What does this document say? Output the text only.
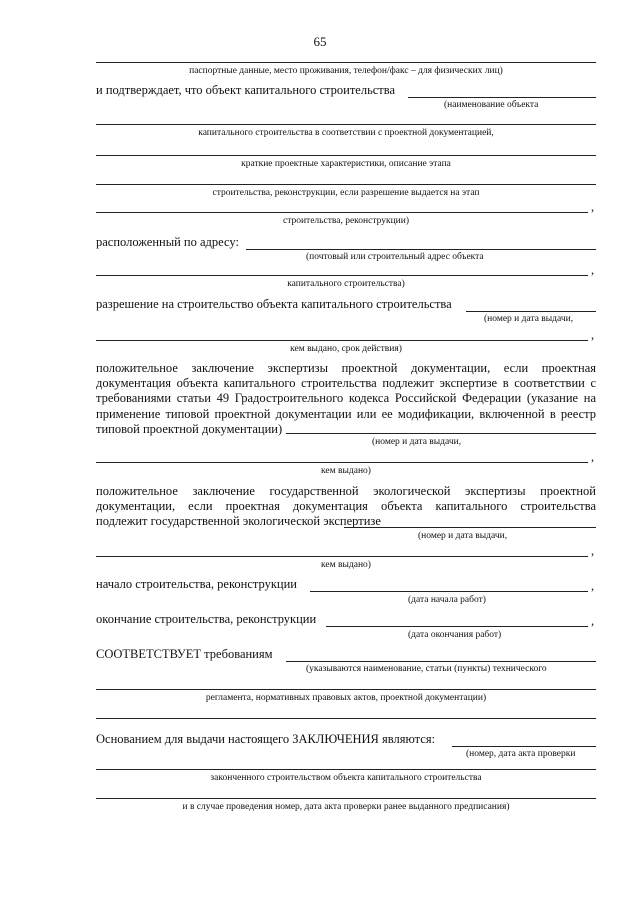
65
паспортные данные, место проживания, телефон/факс – для физических лиц)
и подтверждает, что объект капитального строительства
(наименование объекта
капитального строительства в соответствии с проектной документацией,
краткие проектные характеристики, описание этапа
строительства, реконструкции, если разрешение выдается на этап
,
строительства, реконструкции)
расположенный по адресу:
(почтовый или строительный адрес объекта
,
капитального строительства)
разрешение на строительство объекта капитального строительства
(номер и дата выдачи,
,
кем выдано, срок действия)
положительное заключение экспертизы проектной документации, если проектная
документация объекта капитального строительства подлежит экспертизе в соответствии с
требованиями статьи 49 Градостроительного кодекса Российской Федерации (указание на
применение типовой проектной документации или ее модификации, включенной в реестр
типовой проектной документации)
(номер и дата выдачи,
,
кем выдано)
положительное заключение государственной экологической экспертизы проектной
документации, если проектная документация объекта капитального строительства
подлежит государственной экологической экспертизе
(номер и дата выдачи,
,
кем выдано)
начало строительства, реконструкции	,
(дата начала работ)
окончание строительства, реконструкции	,
(дата окончания работ)
СООТВЕТСТВУЕТ требованиям
(указываются наименование, статьи (пункты) технического
регламента, нормативных правовых актов, проектной документации)
Основанием для выдачи настоящего ЗАКЛЮЧЕНИЯ являются:
(номер, дата акта проверки
законченного строительством объекта капитального строительства
и в случае проведения номер, дата акта проверки ранее выданного предписания)
